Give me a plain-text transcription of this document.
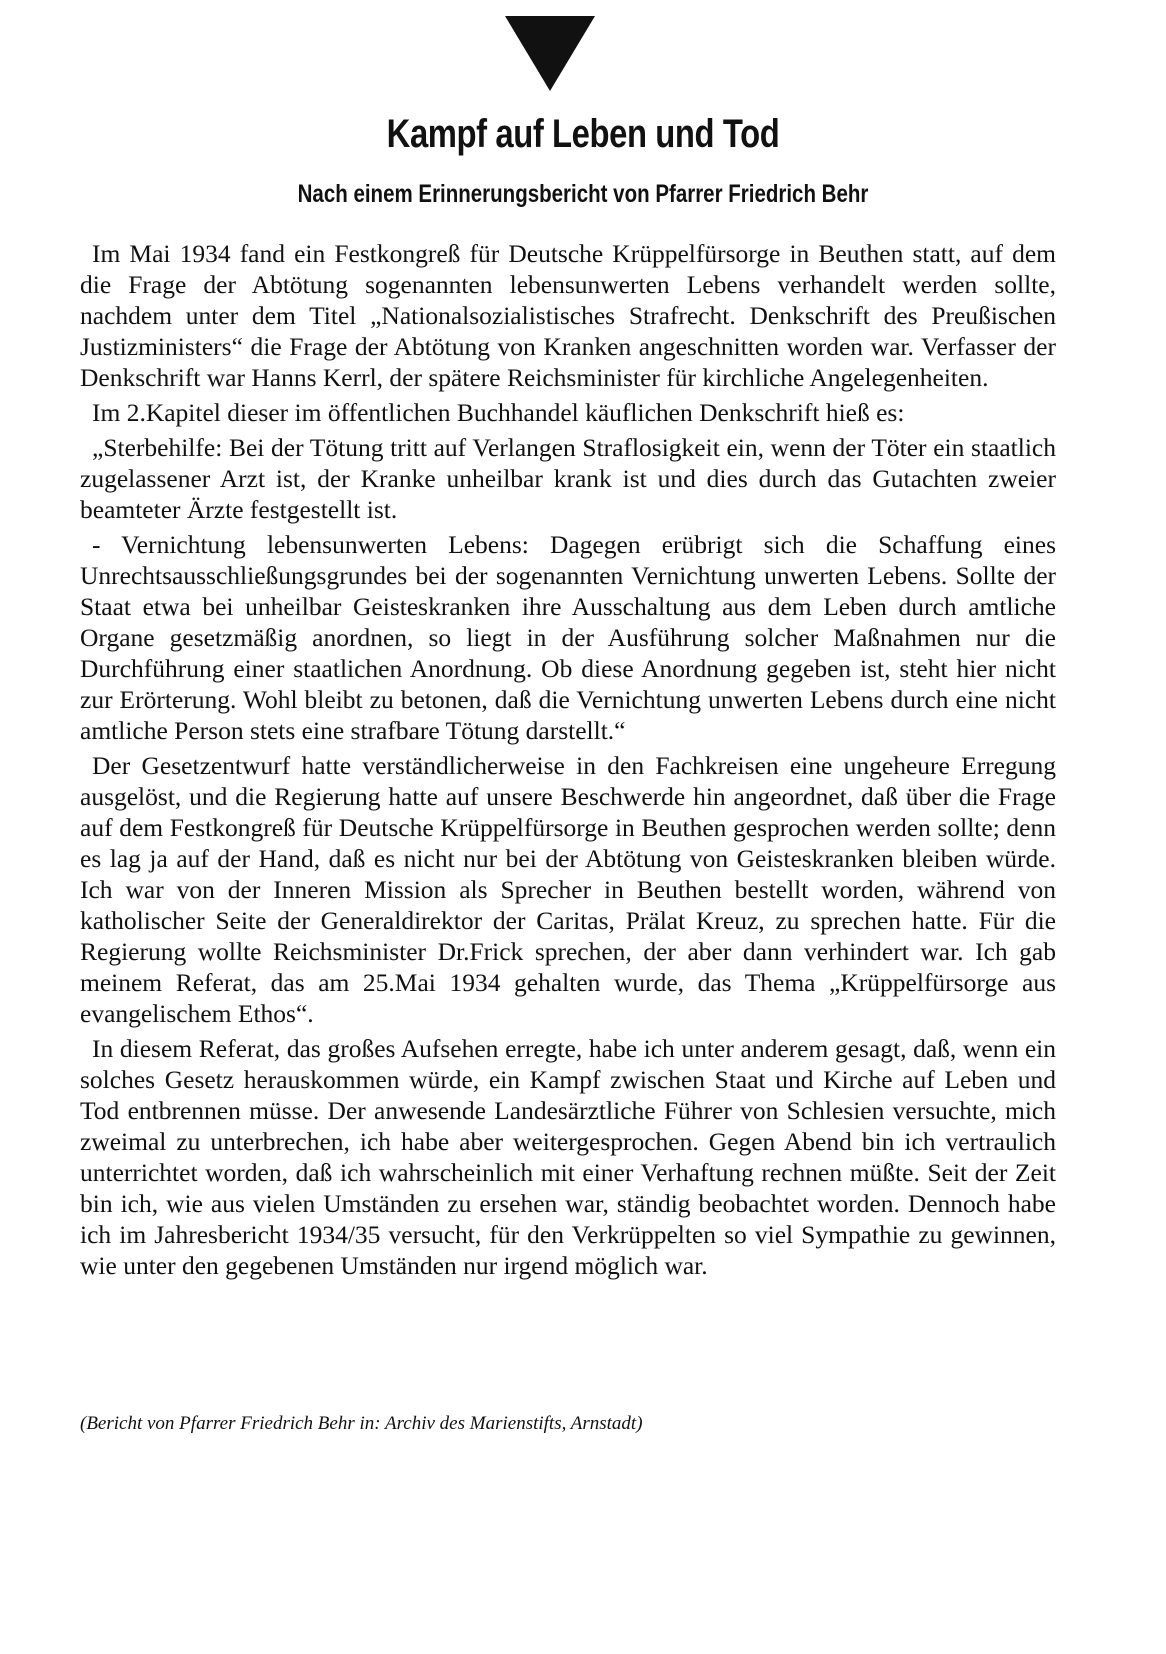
Kampf auf Leben und Tod
Nach einem Erinnerungsbericht von Pfarrer Friedrich Behr

Im Mai 1934 fand ein Festkongreß für Deutsche Krüppelfürsorge in Beuthen statt, auf dem die Frage der Abtötung sogenannten lebensunwerten Lebens verhandelt werden sollte, nachdem unter dem Titel „Nationalsozialistisches Strafrecht. Denkschrift des Preußischen Justizministers“ die Frage der Abtötung von Kranken angeschnitten worden war. Verfasser der Denkschrift war Hanns Kerrl, der spätere Reichsminister für kirchliche Angelegenheiten.

Im 2.Kapitel dieser im öffentlichen Buchhandel käuflichen Denkschrift hieß es:

„Sterbehilfe: Bei der Tötung tritt auf Verlangen Straflosigkeit ein, wenn der Töter ein staatlich zugelassener Arzt ist, der Kranke unheilbar krank ist und dies durch das Gutachten zweier beamteter Ärzte festgestellt ist.

- Vernichtung lebensunwerten Lebens: Dagegen erübrigt sich die Schaffung eines Unrechtsausschließungsgrundes bei der sogenannten Vernichtung unwerten Lebens. Sollte der Staat etwa bei unheilbar Geisteskranken ihre Ausschaltung aus dem Leben durch amtliche Organe gesetzmäßig anordnen, so liegt in der Ausführung solcher Maßnahmen nur die Durchführung einer staatlichen Anordnung. Ob diese Anordnung gegeben ist, steht hier nicht zur Erörterung. Wohl bleibt zu betonen, daß die Vernichtung unwerten Lebens durch eine nicht amtliche Person stets eine strafbare Tötung darstellt.“

Der Gesetzentwurf hatte verständlicherweise in den Fachkreisen eine ungeheure Erregung ausgelöst, und die Regierung hatte auf unsere Beschwerde hin angeordnet, daß über die Frage auf dem Festkongreß für Deutsche Krüppelfürsorge in Beuthen gesprochen werden sollte; denn es lag ja auf der Hand, daß es nicht nur bei der Abtötung von Geisteskranken bleiben würde. Ich war von der Inneren Mission als Sprecher in Beuthen bestellt worden, während von katholischer Seite der Generaldirektor der Caritas, Prälat Kreuz, zu sprechen hatte. Für die Regierung wollte Reichsminister Dr.Frick sprechen, der aber dann verhindert war. Ich gab meinem Referat, das am 25.Mai 1934 gehalten wurde, das Thema „Krüppelfürsorge aus evangelischem Ethos“.

In diesem Referat, das großes Aufsehen erregte, habe ich unter anderem gesagt, daß, wenn ein solches Gesetz herauskommen würde, ein Kampf zwischen Staat und Kirche auf Leben und Tod entbrennen müsse. Der anwesende Landesärztliche Führer von Schlesien versuchte, mich zweimal zu unterbrechen, ich habe aber weitergesprochen. Gegen Abend bin ich vertraulich unterrichtet worden, daß ich wahrscheinlich mit einer Verhaftung rechnen müßte. Seit der Zeit bin ich, wie aus vielen Umständen zu ersehen war, ständig beobachtet worden. Dennoch habe ich im Jahresbericht 1934/35 versucht, für den Verkrüppelten so viel Sympathie zu gewinnen, wie unter den gegebenen Umständen nur irgend möglich war.

(Bericht von Pfarrer Friedrich Behr in: Archiv des Marienstifts, Arnstadt)
